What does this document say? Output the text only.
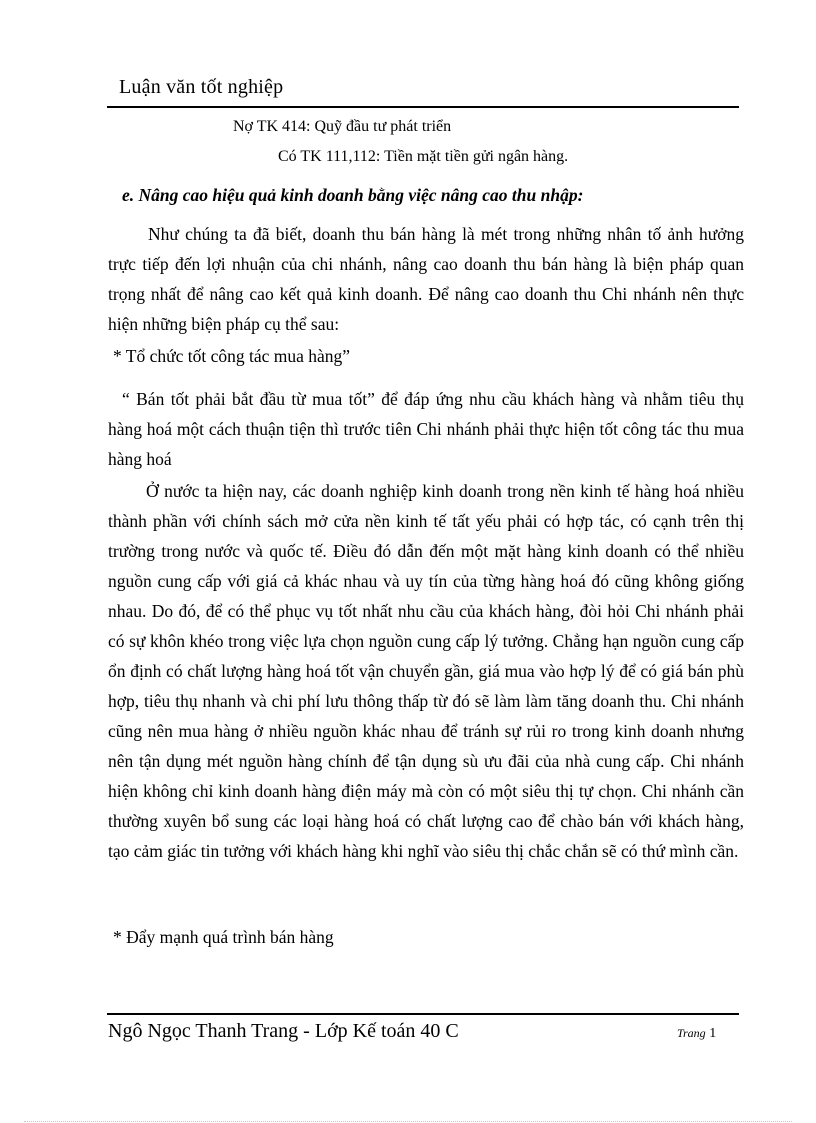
Luận văn tốt nghiệp
Nợ TK 414: Quỹ đầu tư phát triển
Có TK 111,112: Tiền mặt tiền gửi ngân hàng.
e. Nâng cao hiệu quả kinh doanh bằng việc nâng cao thu nhập:
Như chúng ta đã biết, doanh thu bán hàng là mét trong những nhân tố ảnh hưởng trực tiếp đến lợi nhuận của chi nhánh, nâng cao doanh thu bán hàng là biện pháp quan trọng nhất để nâng cao kết quả kinh doanh. Để nâng cao doanh thu Chi nhánh nên thực hiện những biện pháp cụ thể sau:
* Tổ chức tốt công tác mua hàng”
“ Bán tốt phải bắt đầu từ mua tốt” để đáp ứng nhu cầu khách hàng và nhằm tiêu thụ hàng hoá một cách thuận tiện thì trước tiên Chi nhánh phải thực hiện tốt công tác thu mua hàng hoá
Ở nước ta hiện nay, các doanh nghiệp kinh doanh trong nền kinh tế hàng hoá nhiều thành phần với chính sách mở cửa nền kinh tế tất yếu phải có hợp tác, có cạnh trên thị trường trong nước và quốc tế. Điều đó dẫn đến một mặt hàng kinh doanh có thể nhiều nguồn cung cấp với giá cả khác nhau và uy tín của từng hàng hoá đó cũng không giống nhau. Do đó, để có thể phục vụ tốt nhất nhu cầu của khách hàng, đòi hỏi Chi nhánh phải có sự khôn khéo trong việc lựa chọn nguồn cung cấp lý tưởng. Chẳng hạn nguồn cung cấp ổn định có chất lượng hàng hoá tốt vận chuyển gần, giá mua vào hợp lý để có giá bán phù hợp, tiêu thụ nhanh và chi phí lưu thông thấp từ đó sẽ làm làm tăng doanh thu. Chi nhánh cũng nên mua hàng ở nhiều nguồn khác nhau để tránh sự rủi ro trong kinh doanh nhưng nên tận dụng mét nguồn hàng chính để tận dụng sù ưu đãi của nhà cung cấp. Chi nhánh hiện không chỉ kinh doanh hàng điện máy mà còn có một siêu thị tự chọn. Chi nhánh cần thường xuyên bổ sung các loại hàng hoá có chất lượng cao để chào bán với khách hàng, tạo cảm giác tin tưởng với khách hàng khi nghĩ vào siêu thị chắc chắn sẽ có thứ mình cần.
* Đẩy mạnh quá trình bán hàng
Ngô Ngọc Thanh Trang - Lớp Kế toán 40 C	Trang 1
